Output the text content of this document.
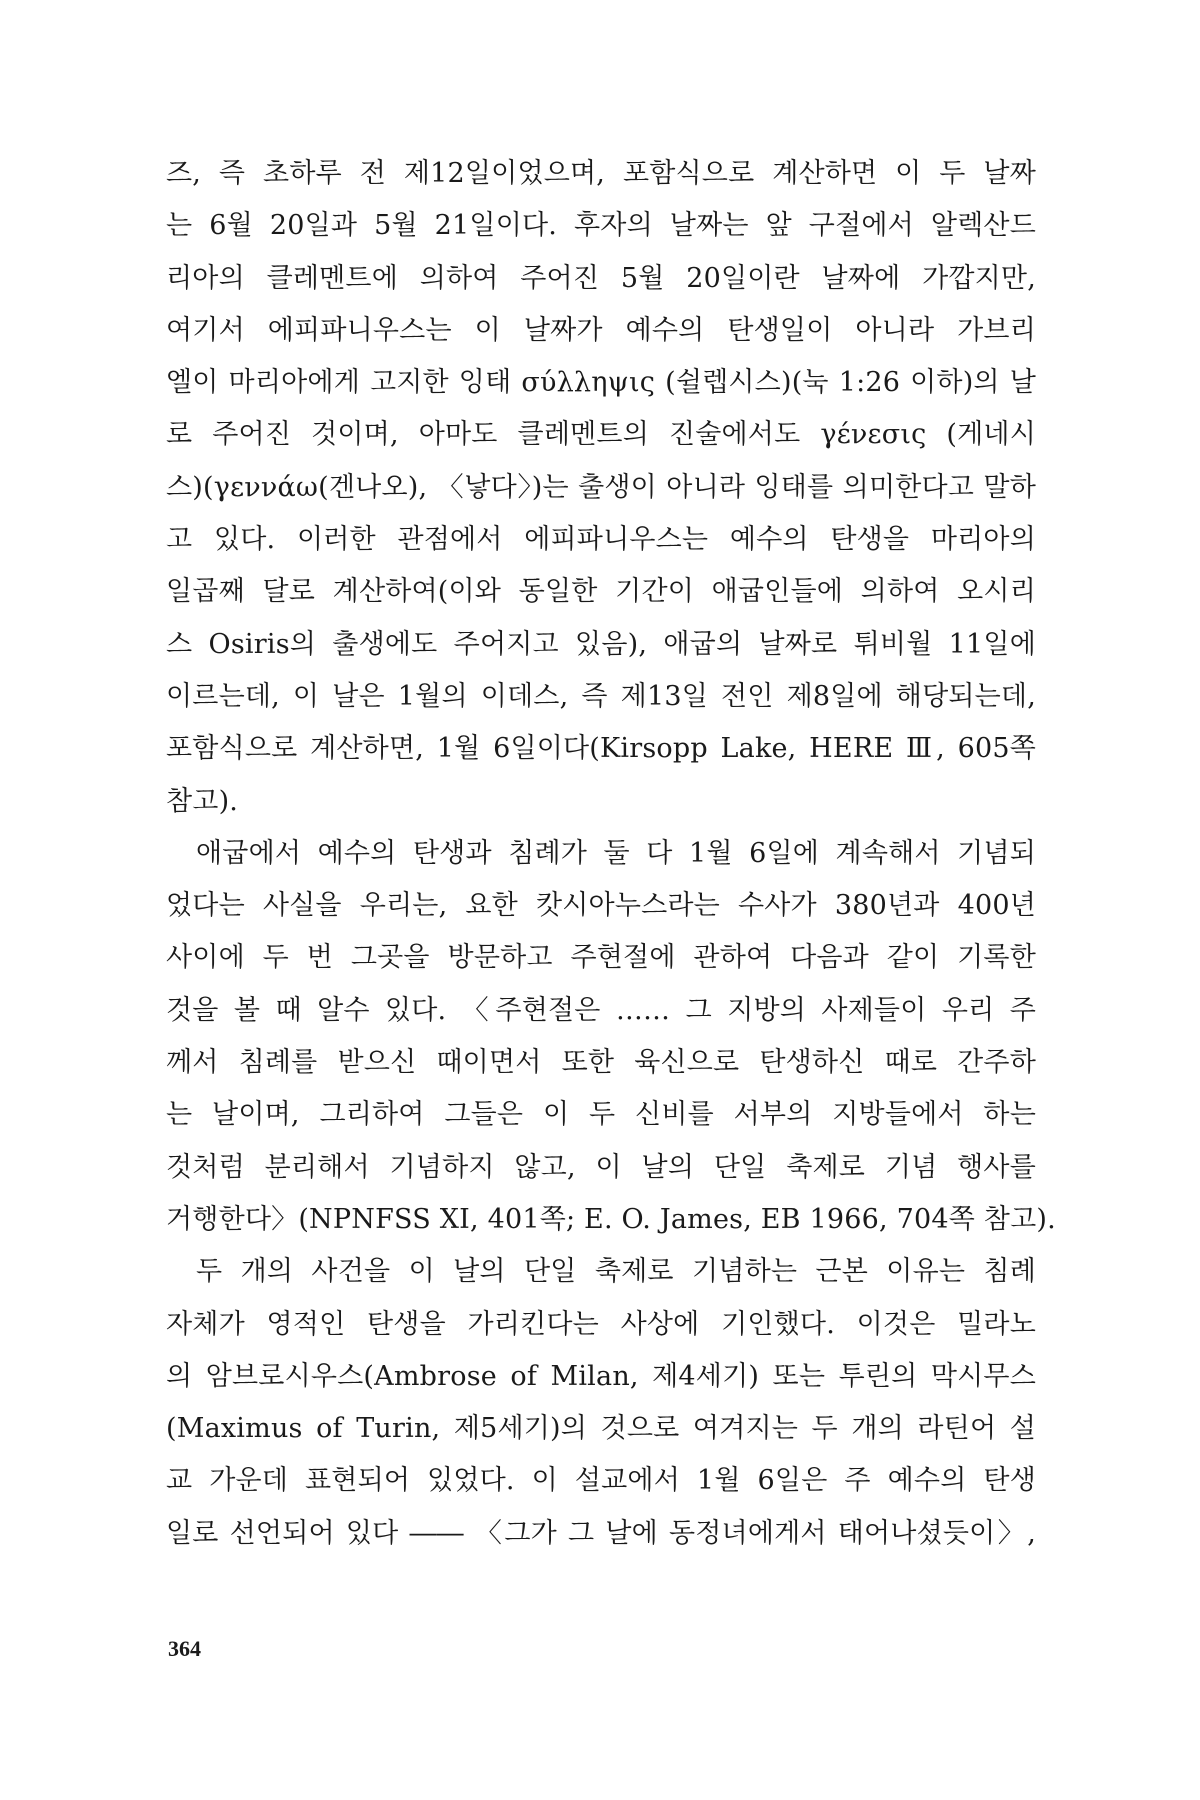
즈, 즉 초하루 전 제12일이었으며, 포함식으로 계산하면 이 두 날짜

는 6월 20일과 5월 21일이다. 후자의 날짜는 앞 구절에서 알렉산드

리아의 클레멘트에 의하여 주어진 5월 20일이란 날짜에 가깝지만,

여기서 에피파니우스는 이 날짜가 예수의 탄생일이 아니라 가브리

엘이 마리아에게 고지한 잉태 σύλληψις (쉴렙시스)(눅 1:26 이하)의 날

로 주어진 것이며, 아마도 클레멘트의 진술에서도 γένεσις (게네시

스)(γεννάω(겐나오), 〈낳다〉)는 출생이 아니라 잉태를 의미한다고 말하

고 있다. 이러한 관점에서 에피파니우스는 예수의 탄생을 마리아의

일곱째 달로 계산하여(이와 동일한 기간이 애굽인들에 의하여 오시리

스 Osiris의 출생에도 주어지고 있음), 애굽의 날짜로 튀비월 11일에

이르는데, 이 날은 1월의 이데스, 즉 제13일 전인 제8일에 해당되는데,

포함식으로 계산하면, 1월 6일이다(Kirsopp Lake, HERE Ⅲ, 605쪽

참고).

애굽에서 예수의 탄생과 침례가 둘 다 1월 6일에 계속해서 기념되

었다는 사실을 우리는, 요한 캇시아누스라는 수사가 380년과 400년

사이에 두 번 그곳을 방문하고 주현절에 관하여 다음과 같이 기록한

것을 볼 때 알수 있다. 〈주현절은 …… 그 지방의 사제들이 우리 주

께서 침례를 받으신 때이면서 또한 육신으로 탄생하신 때로 간주하

는 날이며, 그리하여 그들은 이 두 신비를 서부의 지방들에서 하는

것처럼 분리해서 기념하지 않고, 이 날의 단일 축제로 기념 행사를

거행한다〉(NPNFSS XI, 401쪽; E. O. James, EB 1966, 704쪽 참고).

두 개의 사건을 이 날의 단일 축제로 기념하는 근본 이유는 침례

자체가 영적인 탄생을 가리킨다는 사상에 기인했다. 이것은 밀라노

의 암브로시우스(Ambrose of Milan, 제4세기) 또는 투린의 막시무스

(Maximus of Turin, 제5세기)의 것으로 여겨지는 두 개의 라틴어 설

교 가운데 표현되어 있었다. 이 설교에서 1월 6일은 주 예수의 탄생

일로 선언되어 있다 ―― 〈그가 그 날에 동정녀에게서 태어나셨듯이〉,

364
